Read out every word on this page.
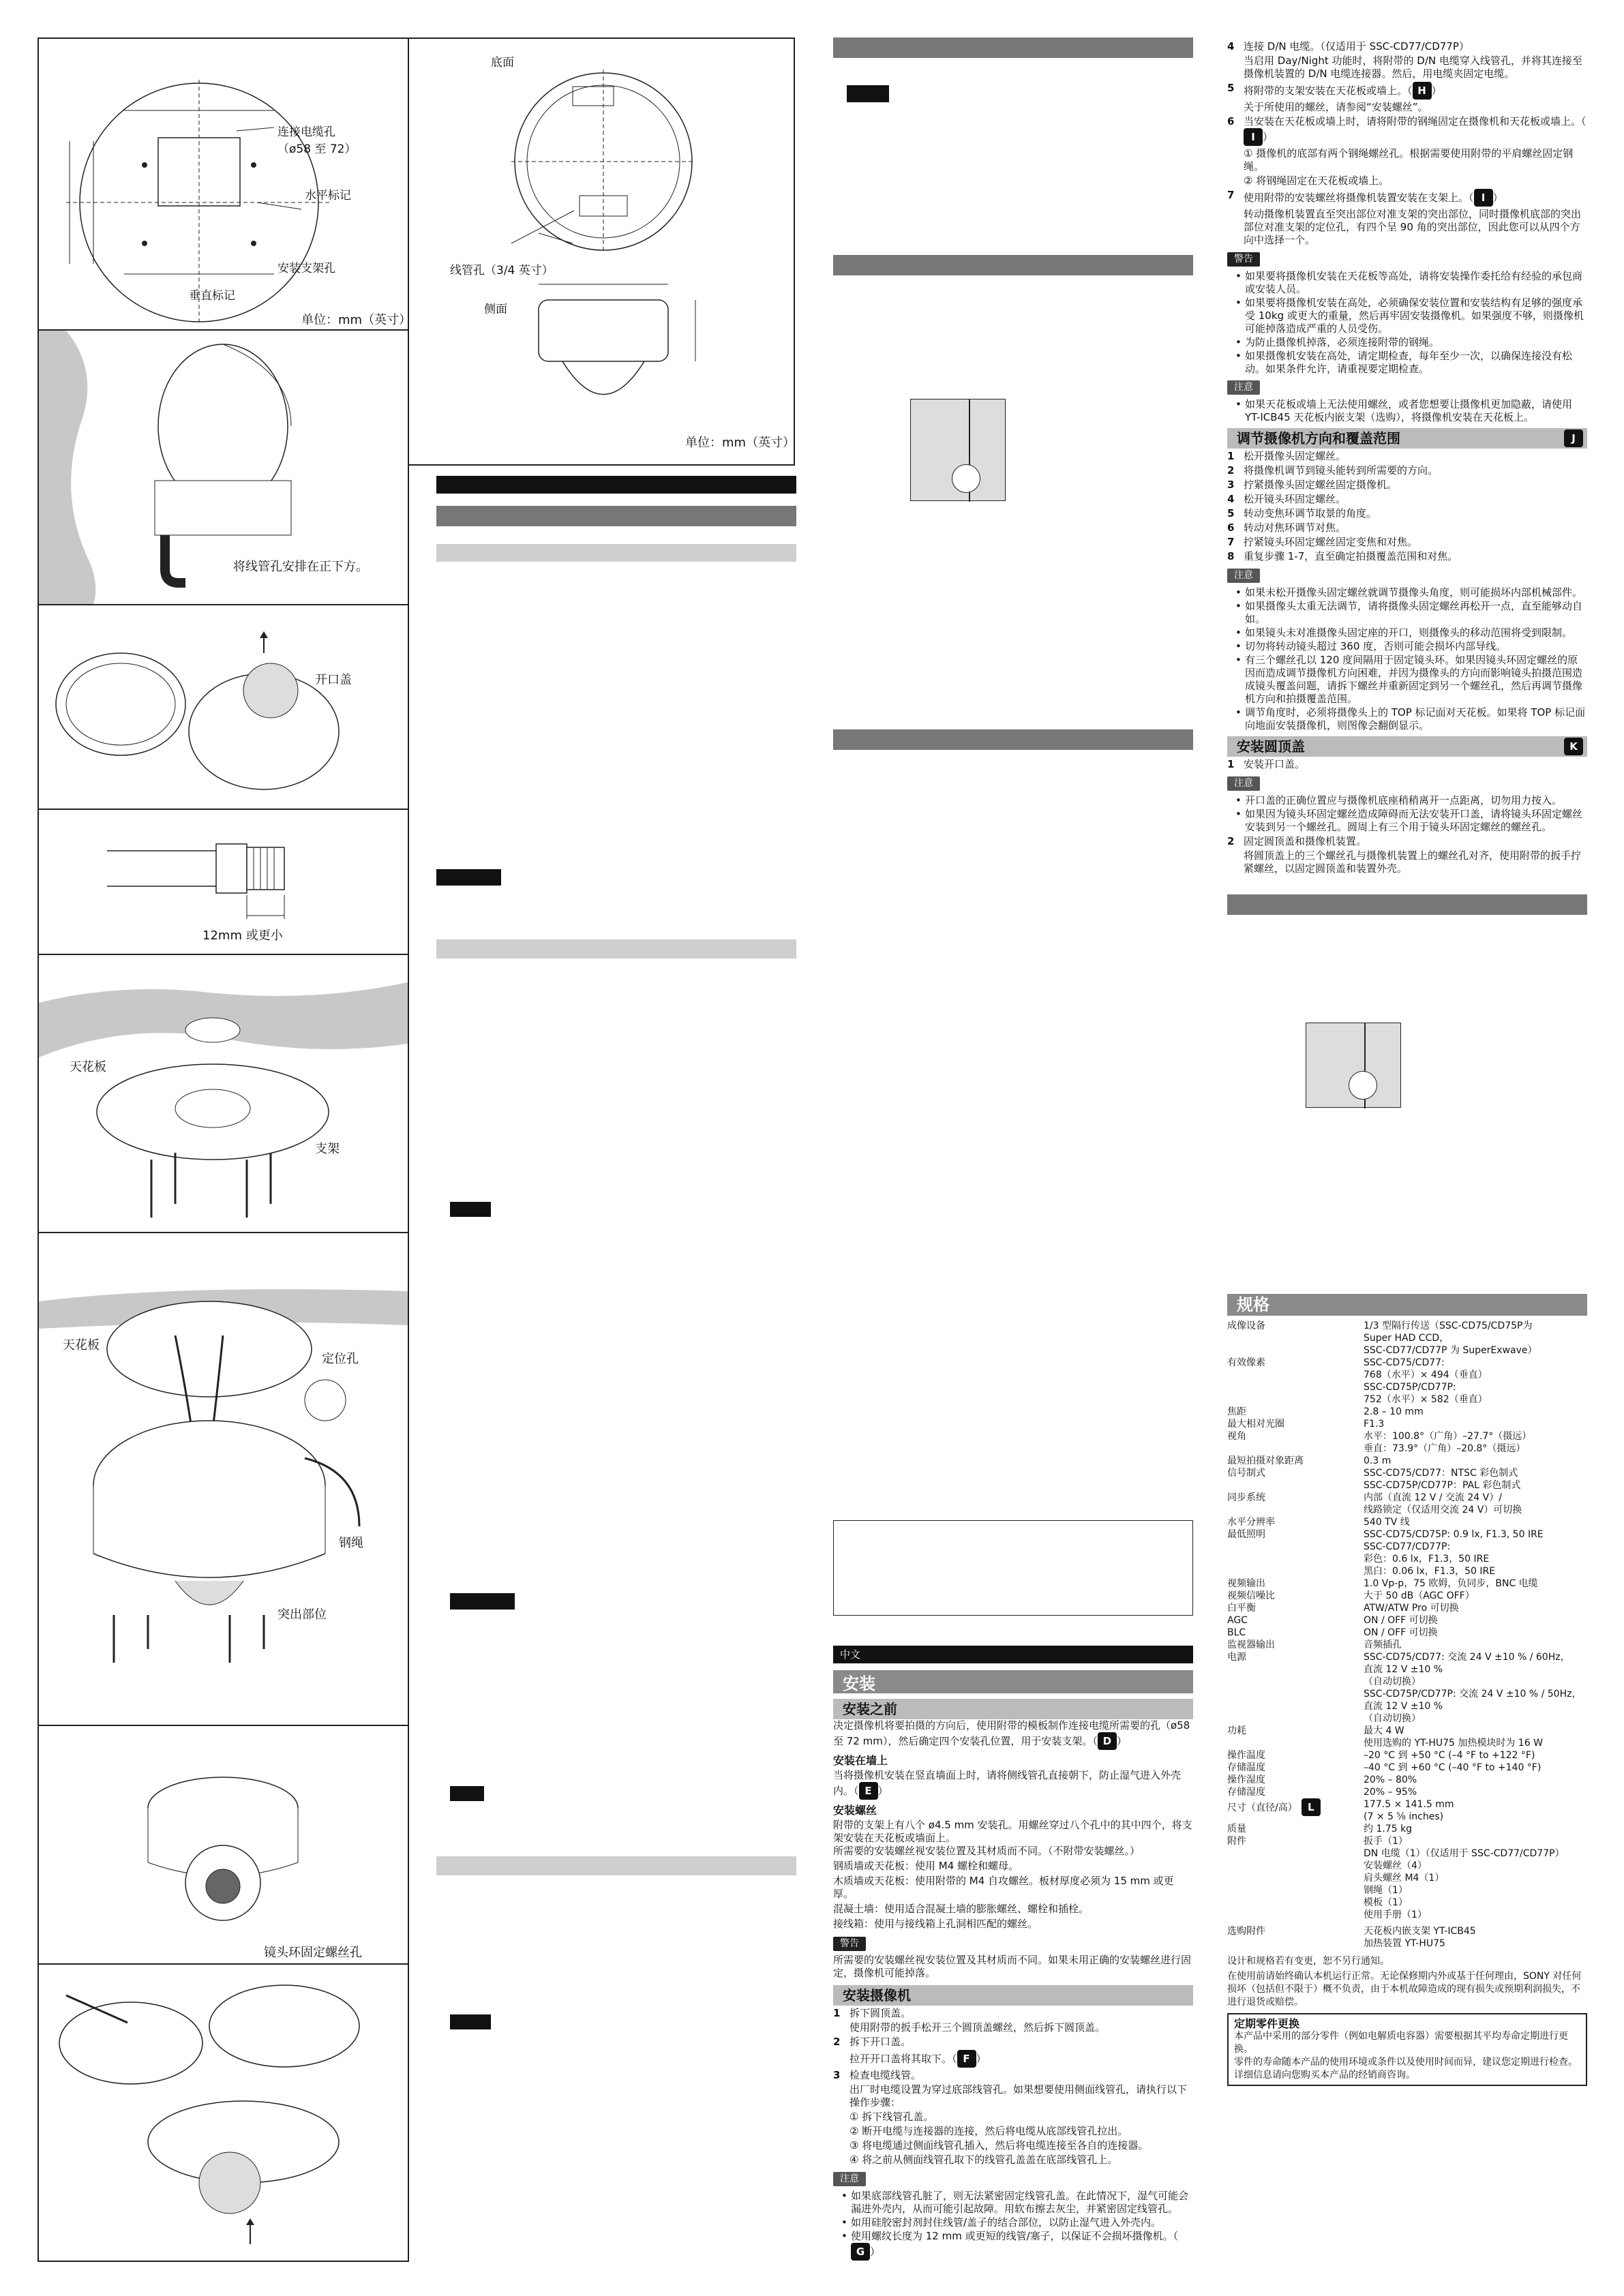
连接电缆孔
（ø58 至 72）
水平标记
安装支架孔
垂直标记
单位：mm（英寸）
底面
线管孔（3/4 英寸）
侧面
单位：mm（英寸）
将线管孔安排在正下方。
开口盖
12mm 或更小
天花板
支架
天花板
定位孔
钢绳
突出部位
镜头环固定螺丝孔
中文
安装
安装之前

决定摄像机将要拍摄的方向后，使用附带的模板制作连接电缆所需要的孔（ø58 至 72 mm），然后确定四个安装孔位置，用于安装支架。（ D ）

安装在墙上

当将摄像机安装在竖直墙面上时，请将侧线管孔直接朝下，防止湿气进入外壳内。（ E ）

安装螺丝

附带的支架上有八个 ø4.5 mm 安装孔。用螺丝穿过八个孔中的其中四个，将支架安装在天花板或墙面上。
所需要的安装螺丝视安装位置及其材质而不同。（不附带安装螺丝。）

钢质墙或天花板：使用 M4 螺栓和螺母。

木质墙或天花板：使用附带的 M4 自攻螺丝。板材厚度必须为 15 mm 或更厚。

混凝土墙：使用适合混凝土墙的膨胀螺丝、螺栓和插栓。

接线箱：使用与接线箱上孔洞相匹配的螺丝。

警告

所需要的安装螺丝视安装位置及其材质而不同。如果未用正确的安装螺丝进行固定，摄像机可能掉落。

安装摄像机
1 拆下圆顶盖。
使用附带的扳手松开三个圆顶盖螺丝，然后拆下圆顶盖。
2 拆下开口盖。
拉开开口盖将其取下。（ F ）
3 检查电缆线管。
出厂时电缆设置为穿过底部线管孔。如果想要使用侧面线管孔，请执行以下操作步骤：
① 拆下线管孔盖。
② 断开电缆与连接器的连接，然后将电缆从底部线管孔拉出。
③ 将电缆通过侧面线管孔插入，然后将电缆连接至各自的连接器。
④ 将之前从侧面线管孔取下的线管孔盖盖在底部线管孔上。
注意
• 如果底部线管孔脏了，则无法紧密固定线管孔盖。在此情况下，湿气可能会漏进外壳内，从而可能引起故障。用软布擦去灰尘，并紧密固定线管孔。
• 如用硅胶密封剂封住线管/盖子的结合部位，以防止湿气进入外壳内。
• 使用螺纹长度为 12 mm 或更短的线管/塞子，以保证不会损坏摄像机。（G ）
4 连接 D/N 电缆。（仅适用于 SSC-CD77/CD77P）
当启用 Day/Night 功能时，将附带的 D/N 电缆穿入线管孔，并将其连接至摄像机装置的 D/N 电缆连接器。然后，用电缆夹固定电缆。
5 将附带的支架安装在天花板或墙上。（ H ）
关于所使用的螺丝，请参阅“安装螺丝”。
6 当安装在天花板或墙上时，请将附带的钢绳固定在摄像机和天花板或墙上。（I ）
① 摄像机的底部有两个钢绳螺丝孔。根据需要使用附带的平肩螺丝固定钢绳。
② 将钢绳固定在天花板或墙上。
7 使用附带的安装螺丝将摄像机装置安装在支架上。（ I ）
转动摄像机装置直至突出部位对准支架的突出部位，同时摄像机底部的突出部位对准支架的定位孔，有四个呈 90 角的突出部位，因此您可以从四个方向中选择一个。
警告
• 如果要将摄像机安装在天花板等高处，请将安装操作委托给有经验的承包商或安装人员。
• 如果要将摄像机安装在高处，必须确保安装位置和安装结构有足够的强度承受 10kg 或更大的重量，然后再牢固安装摄像机。如果强度不够，则摄像机可能掉落造成严重的人员受伤。
• 为防止摄像机掉落，必须连接附带的钢绳。
• 如果摄像机安装在高处，请定期检查，每年至少一次，以确保连接没有松动。如果条件允许，请重视要定期检查。
注意
• 如果天花板或墙上无法使用螺丝，或者您想要让摄像机更加隐蔽，请使用 YT-ICB45 天花板内嵌支架（选购），将摄像机安装在天花板上。
调节摄像机方向和覆盖范围	J
1 松开摄像头固定螺丝。
2 将摄像机调节到镜头能转到所需要的方向。
3 拧紧摄像头固定螺丝固定摄像机。
4 松开镜头环固定螺丝。
5 转动变焦环调节取景的角度。
6 转动对焦环调节对焦。
7 拧紧镜头环固定螺丝固定变焦和对焦。
8 重复步骤 1-7，直至确定拍摄覆盖范围和对焦。
注意
• 如果未松开摄像头固定螺丝就调节摄像头角度，则可能损坏内部机械部件。
• 如果摄像头太重无法调节，请将摄像头固定螺丝再松开一点，直至能够动自如。
• 如果镜头未对准摄像头固定座的开口，则摄像头的移动范围将受到限制。
• 切勿将转动镜头超过 360 度，否则可能会损坏内部导线。
• 有三个螺丝孔以 120 度间隔用于固定镜头环。如果因镜头环固定螺丝的原因而造成调节摄像机方向困难，并因为摄像头的方向而影响镜头拍摄范围造成镜头覆盖问题，请拆下螺丝并重新固定到另一个螺丝孔，然后再调节摄像机方向和拍摄覆盖范围。
• 调节角度时，必须将摄像头上的 TOP 标记面对天花板。如果将 TOP 标记面向地面安装摄像机，则图像会翻倒显示。
安装圆顶盖	K
1 安装开口盖。
注意
• 开口盖的正确位置应与摄像机底座稍稍离开一点距离，切勿用力按入。
• 如果因为镜头环固定螺丝造成障碍而无法安装开口盖，请将镜头环固定螺丝安装到另一个螺丝孔。圆周上有三个用于镜头环固定螺丝的螺丝孔。
2 固定圆顶盖和摄像机装置。
将圆顶盖上的三个螺丝孔与摄像机装置上的螺丝孔对齐，使用附带的扳手拧紧螺丝，以固定圆顶盖和装置外壳。
规格
成像设备	1/3 型隔行传送（SSC-CD75/CD75P为
Super HAD CCD，
SSC-CD77/CD77P 为 SuperExwave）
有效像素	SSC-CD75/CD77:
768（水平）× 494（垂直）
SSC-CD75P/CD77P:
752（水平）× 582（垂直）
焦距	2.8 – 10 mm
最大相对光圈	F1.3
视角	水平：100.8°（广角）–27.7°（摄远）
垂直：73.9°（广角）–20.8°（摄远）
最短拍摄对象距离	0.3 m
信号制式	SSC-CD75/CD77：NTSC 彩色制式
SSC-CD75P/CD77P：PAL 彩色制式
同步系统	内部（直流 12 V / 交流 24 V）/
线路锁定（仅适用交流 24 V）可切换
水平分辨率	540 TV 线
最低照明	SSC-CD75/CD75P: 0.9 lx, F1.3, 50 IRE
SSC-CD77/CD77P:
彩色：0.6 lx，F1.3，50 IRE
黑白：0.06 lx，F1.3，50 IRE
视频输出	1.0 Vp-p，75 欧姆，负同步，BNC 电缆
视频信噪比	大于 50 dB（AGC OFF）
白平衡	ATW/ATW Pro 可切换
AGC	ON / OFF 可切换
BLC	ON / OFF 可切换
监视器输出	音频插孔
电源	SSC-CD75/CD77: 交流 24 V ±10 % / 60Hz，
直流 12 V ±10 %
（自动切换）
SSC-CD75P/CD77P: 交流 24 V ±10 % / 50Hz，
直流 12 V ±10 %
（自动切换）
功耗	最大 4 W
使用选购的 YT-HU75 加热模块时为 16 W
操作温度	–20 °C 到 +50 °C (–4 °F to +122 °F)
存储温度	–40 °C 到 +60 °C (–40 °F to +140 °F)
操作湿度	20% – 80%
存储湿度	20% – 95%
尺寸（直径/高） L	177.5 × 141.5 mm
(7 × 5 ⁵⁄₈ inches)
质量	约 1.75 kg
附件	扳手（1）
DN 电缆（1）（仅适用于 SSC-CD77/CD77P）
安装螺丝（4）
肩头螺丝 M4（1）
钢绳（1）
模板（1）
使用手册（1）
选购附件	天花板内嵌支架 YT-ICB45
加热装置 YT-HU75

设计和规格若有变更，恕不另行通知。

在使用前请始终确认本机运行正常。无论保修期内外或基于任何理由，SONY 对任何损坏（包括但不限于）概不负责，由于本机故障造成的现有损失或预期利润损失，不进行退货或赔偿。

定期零件更换
本产品中采用的部分零件（例如电解质电容器）需要根据其平均寿命定期进行更换。
零件的寿命随本产品的使用环境或条件以及使用时间而异，建议您定期进行检查。
详细信息请向您购买本产品的经销商咨询。
